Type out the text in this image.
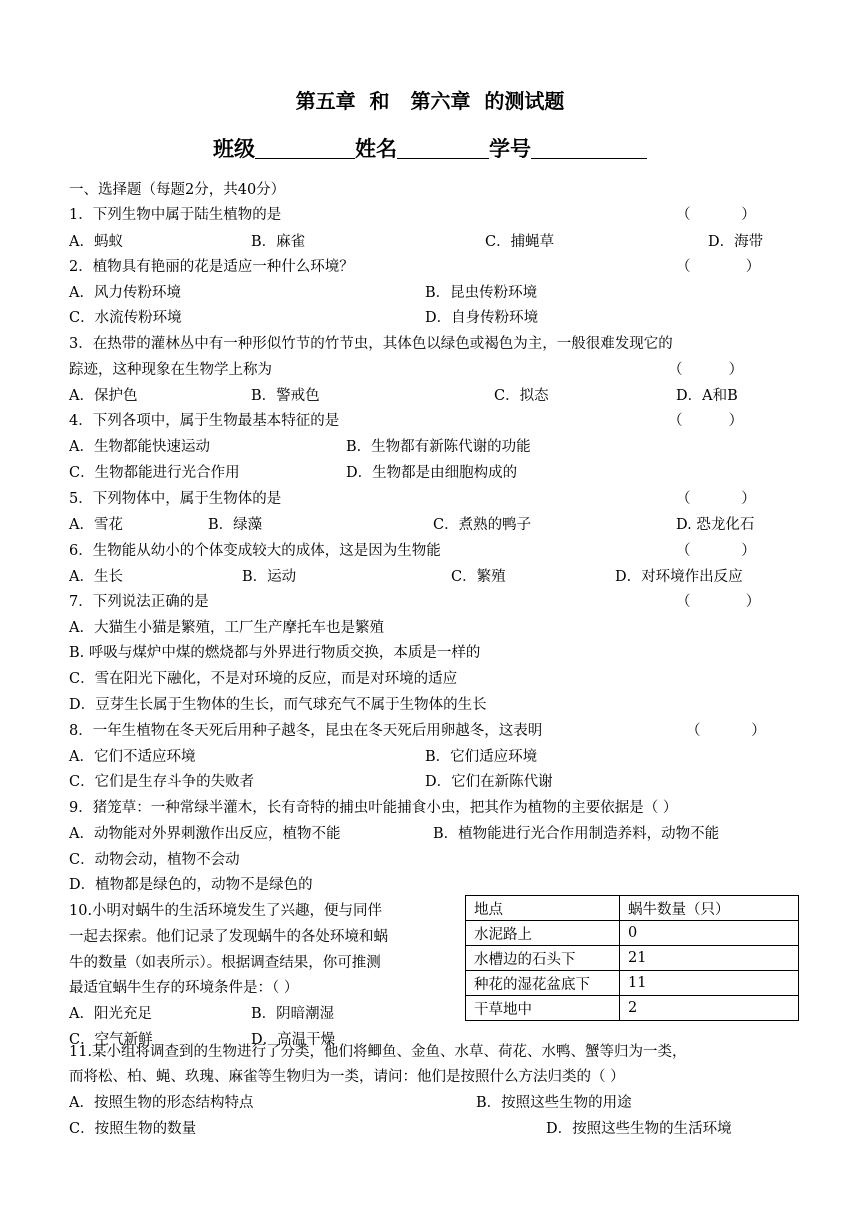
第五章  和   第六章  的测试题
班级	姓名	学号
一、选择题（每题2分，共40分）
1．下列生物中属于陆生植物的是	（           ）
A．蚂蚁	B．麻雀	C．捕蝇草	D．海带
2．植物具有艳丽的花是适应一种什么环境？	（            ）
A．风力传粉环境	B．昆虫传粉环境
C．水流传粉环境	D．自身传粉环境
3．在热带的灌林丛中有一种形似竹节的竹节虫，其体色以绿色或褐色为主，一般很难发现它的
踪迹，这种现象在生物学上称为	（          ）
A．保护色	B．警戒色	C．拟态	D．A和B
4．下列各项中，属于生物最基本特征的是	（          ）
A．生物都能快速运动	B．生物都有新陈代谢的功能
C．生物都能进行光合作用	D．生物都是由细胞构成的
5．下列物体中，属于生物体的是	（           ）
A．雪花	B．绿藻	C．煮熟的鸭子	D. 恐龙化石
6．生物能从幼小的个体变成较大的成体，这是因为生物能	（           ）
A．生长	B．运动	C．繁殖	D．对环境作出反应
7．下列说法正确的是	（            ）
A．大猫生小猫是繁殖，工厂生产摩托车也是繁殖
B. 呼吸与煤炉中煤的燃烧都与外界进行物质交换，本质是一样的
C．雪在阳光下融化，不是对环境的反应，而是对环境的适应
D．豆芽生长属于生物体的生长，而气球充气不属于生物体的生长
8．一年生植物在冬天死后用种子越冬，昆虫在冬天死后用卵越冬，这表明	（           ）
A．它们不适应环境	B．它们适应环境
C．它们是生存斗争的失败者	D．它们在新陈代谢
9．猪笼草：一种常绿半灌木，长有奇特的捕虫叶能捕食小虫，把其作为植物的主要依据是（ ）
A．动物能对外界刺激作出反应，植物不能	B．植物能进行光合作用制造养料，动物不能
C．动物会动，植物不会动
D．植物都是绿色的，动物不是绿色的
10.小明对蜗牛的生活环境发生了兴趣，便与同伴
一起去探索。他们记录了发现蜗牛的各处环境和蜗
牛的数量（如表所示）。根据调查结果，你可推测
最适宜蜗牛生存的环境条件是：（ ）
A．阳光充足	B．阴暗潮湿
C．空气新鲜	D．高温干燥
地点	蜗牛数量（只）
水泥路上	0
水槽边的石头下	21
种花的湿花盆底下	11
干草地中	2
11.某小组将调查到的生物进行了分类，他们将鲫鱼、金鱼、水草、荷花、水鸭、蟹等归为一类，
而将松、柏、蝇、玖瑰、麻雀等生物归为一类，请问：他们是按照什么方法归类的（ ）
A．按照生物的形态结构特点	B．按照这些生物的用途
C．按照生物的数量	D．按照这些生物的生活环境
